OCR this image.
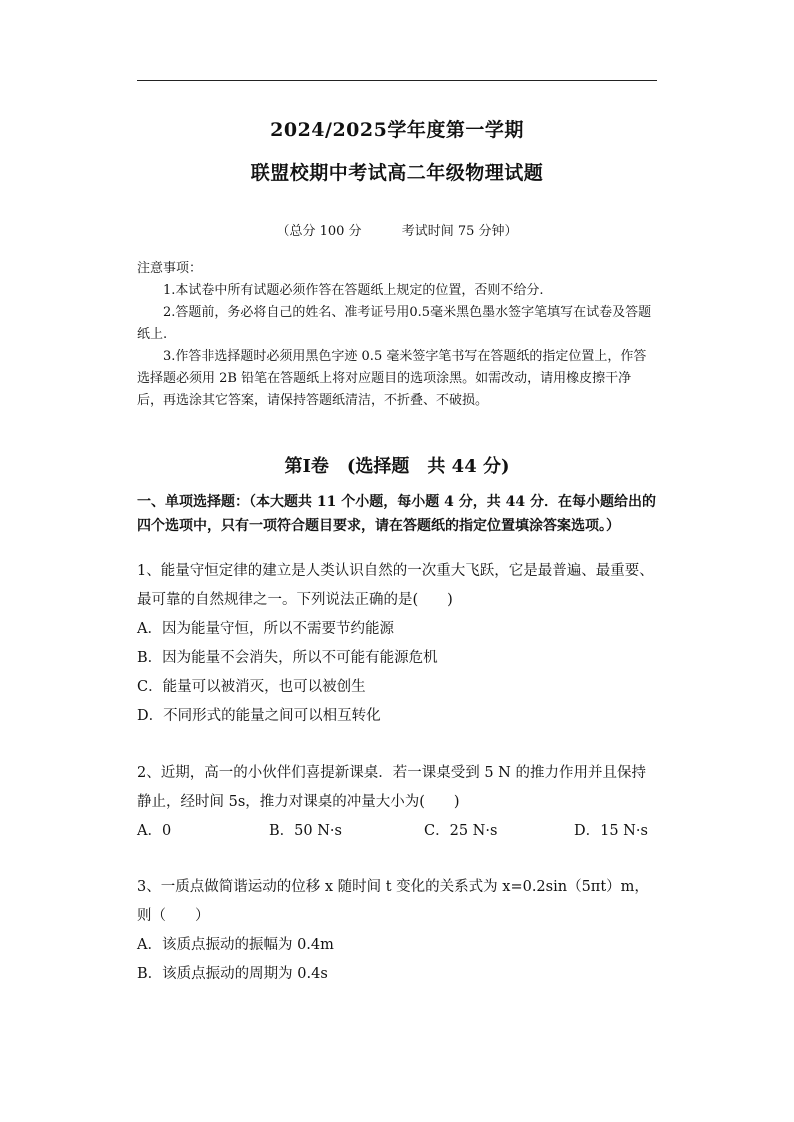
2024/2025学年度第一学期
联盟校期中考试高二年级物理试题
（总分 100 分	考试时间 75 分钟）

注意事项：

1.本试卷中所有试题必须作答在答题纸上规定的位置，否则不给分.

2.答题前，务必将自己的姓名、准考证号用0.5毫米黑色墨水签字笔填写在试卷及答题纸上.

3.作答非选择题时必须用黑色字迹 0.5 毫米签字笔书写在答题纸的指定位置上，作答选择题必须用 2B 铅笔在答题纸上将对应题目的选项涂黑。如需改动，请用橡皮擦干净后，再选涂其它答案，请保持答题纸清洁，不折叠、不破损。

第Ⅰ卷　(选择题　共 44 分)
一、单项选择题：（本大题共 11 个小题，每小题 4 分，共 44 分．在每小题给出的四个选项中，只有一项符合题目要求，请在答题纸的指定位置填涂答案选项。）

1、能量守恒定律的建立是人类认识自然的一次重大飞跃，它是最普遍、最重要、最可靠的自然规律之一。下列说法正确的是(　　)

A．因为能量守恒，所以不需要节约能源

B．因为能量不会消失，所以不可能有能源危机

C．能量可以被消灭，也可以被创生

D．不同形式的能量之间可以相互转化

2、近期，高一的小伙伴们喜提新课桌．若一课桌受到 5 N 的推力作用并且保持静止，经时间 5s，推力对课桌的冲量大小为(　　)

A．0	B．50 N·s	C．25 N·s	D．15 N·s

3、一质点做简谐运动的位移 x 随时间 t 变化的关系式为 x=0.2sin（5πt）m，则（　　）

A．该质点振动的振幅为 0.4m

B．该质点振动的周期为 0.4s
